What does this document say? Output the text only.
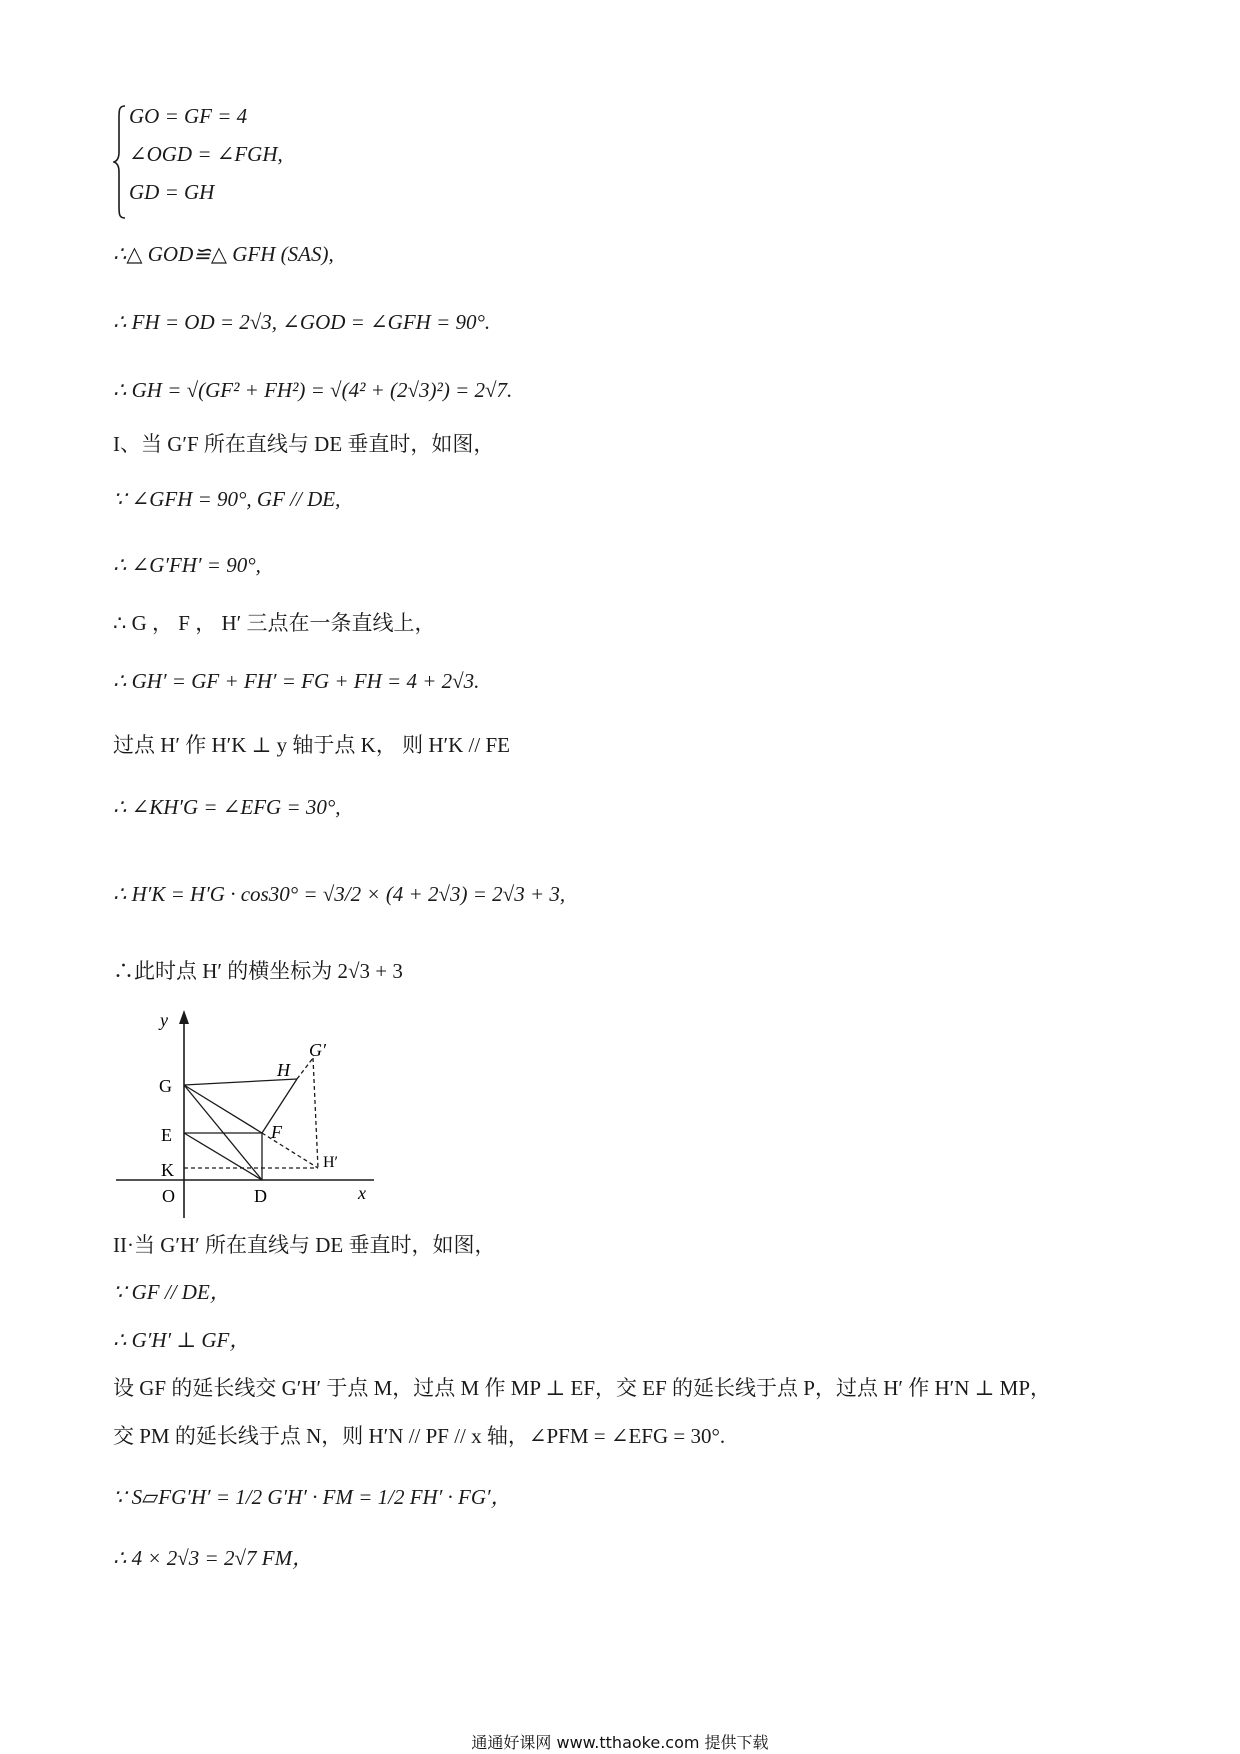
GO = GF = 4
∠OGD = ∠FGH,
GD = GH
∴△ GOD≌△ GFH (SAS),
∴ FH = OD = 2√3, ∠GOD = ∠GFH = 90°.
∴ GH = √(GF² + FH²) = √(4² + (2√3)²) = 2√7.
I、当 G′F 所在直线与 DE 垂直时，如图，
∵ ∠GFH = 90°, GF // DE,
∴ ∠G′FH′ = 90°,
∴ G ， F ， H′ 三点在一条直线上，
∴ GH′ = GF + FH′ = FG + FH = 4 + 2√3.
过点 H′ 作 H′K ⊥ y 轴于点 K， 则 H′K // FE
∴ ∠KH′G = ∠EFG = 30°,
∴ H′K = H′G · cos30° = √3/2 × (4 + 2√3) = 2√3 + 3,
∴此时点 H′ 的横坐标为 2√3 + 3
y
x
O	D
K
E
G
F
H
G′
H′
II·当 G′H′ 所在直线与 DE 垂直时，如图，
∵ GF // DE，
∴ G′H′ ⊥ GF，
设 GF 的延长线交 G′H′ 于点 M，过点 M 作 MP ⊥ EF，交 EF 的延长线于点 P，过点 H′ 作 H′N ⊥ MP，
交 PM 的延长线于点 N，则 H′N // PF // x 轴，∠PFM = ∠EFG = 30°.
∵ S▱FG′H′ = 1/2 G′H′ · FM = 1/2 FH′ · FG′，
∴ 4 × 2√3 = 2√7 FM，
通通好课网 www.tthaoke.com 提供下载
